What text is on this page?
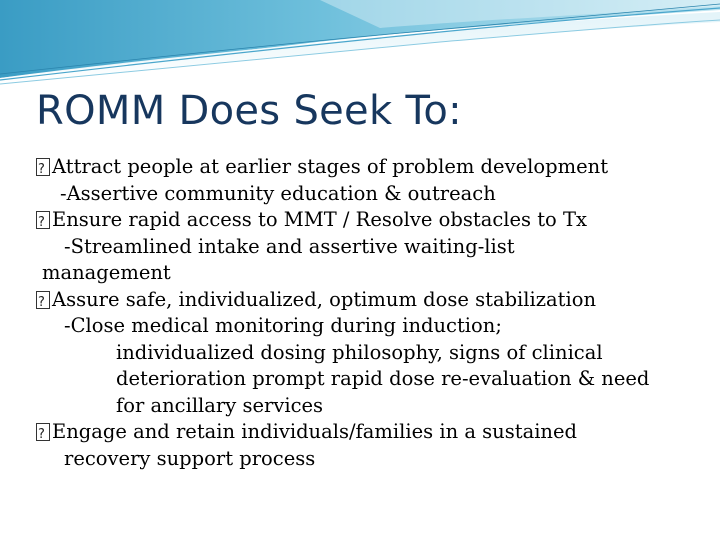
ROMM Does Seek To:
?Attract people at earlier stages of problem development
-Assertive community education & outreach
?Ensure rapid access to MMT / Resolve obstacles to Tx
-Streamlined intake and assertive waiting-list
management
?Assure safe, individualized, optimum dose stabilization
-Close medical monitoring during induction;
individualized dosing philosophy, signs of clinical
deterioration prompt rapid dose re-evaluation & need
for ancillary services
?Engage and retain individuals/families in a sustained
recovery support process
